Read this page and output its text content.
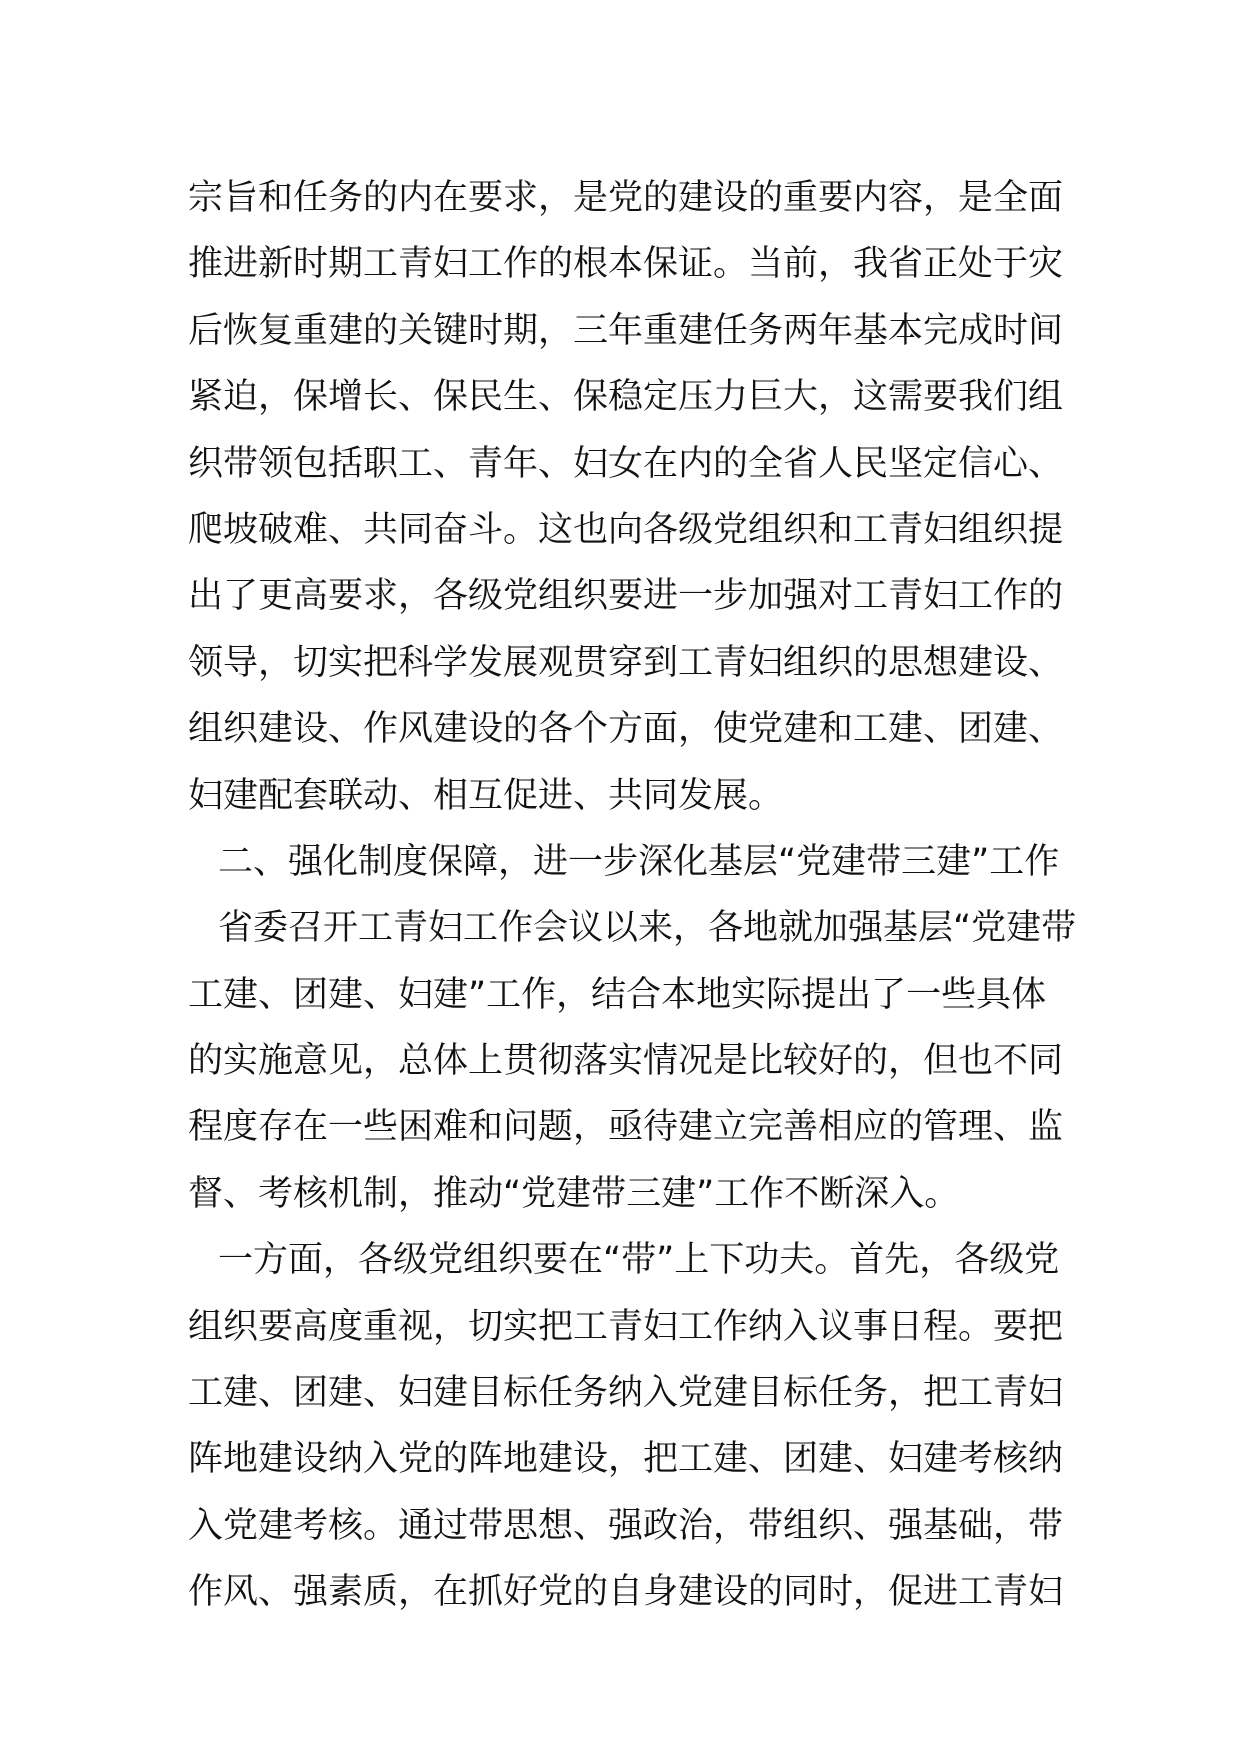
宗旨和任务的内在要求，是党的建设的重要内容，是全面
推进新时期工青妇工作的根本保证。当前，我省正处于灾
后恢复重建的关键时期，三年重建任务两年基本完成时间
紧迫，保增长、保民生、保稳定压力巨大，这需要我们组
织带领包括职工、青年、妇女在内的全省人民坚定信心、
爬坡破难、共同奋斗。这也向各级党组织和工青妇组织提
出了更高要求，各级党组织要进一步加强对工青妇工作的
领导，切实把科学发展观贯穿到工青妇组织的思想建设、
组织建设、作风建设的各个方面，使党建和工建、团建、
妇建配套联动、相互促进、共同发展。
二、强化制度保障，进一步深化基层“党建带三建”工作
省委召开工青妇工作会议以来，各地就加强基层“党建带
工建、团建、妇建”工作，结合本地实际提出了一些具体
的实施意见，总体上贯彻落实情况是比较好的，但也不同
程度存在一些困难和问题，亟待建立完善相应的管理、监
督、考核机制，推动“党建带三建”工作不断深入。
一方面，各级党组织要在“带”上下功夫。首先，各级党
组织要高度重视，切实把工青妇工作纳入议事日程。要把
工建、团建、妇建目标任务纳入党建目标任务，把工青妇
阵地建设纳入党的阵地建设，把工建、团建、妇建考核纳
入党建考核。通过带思想、强政治，带组织、强基础，带
作风、强素质，在抓好党的自身建设的同时，促进工青妇
